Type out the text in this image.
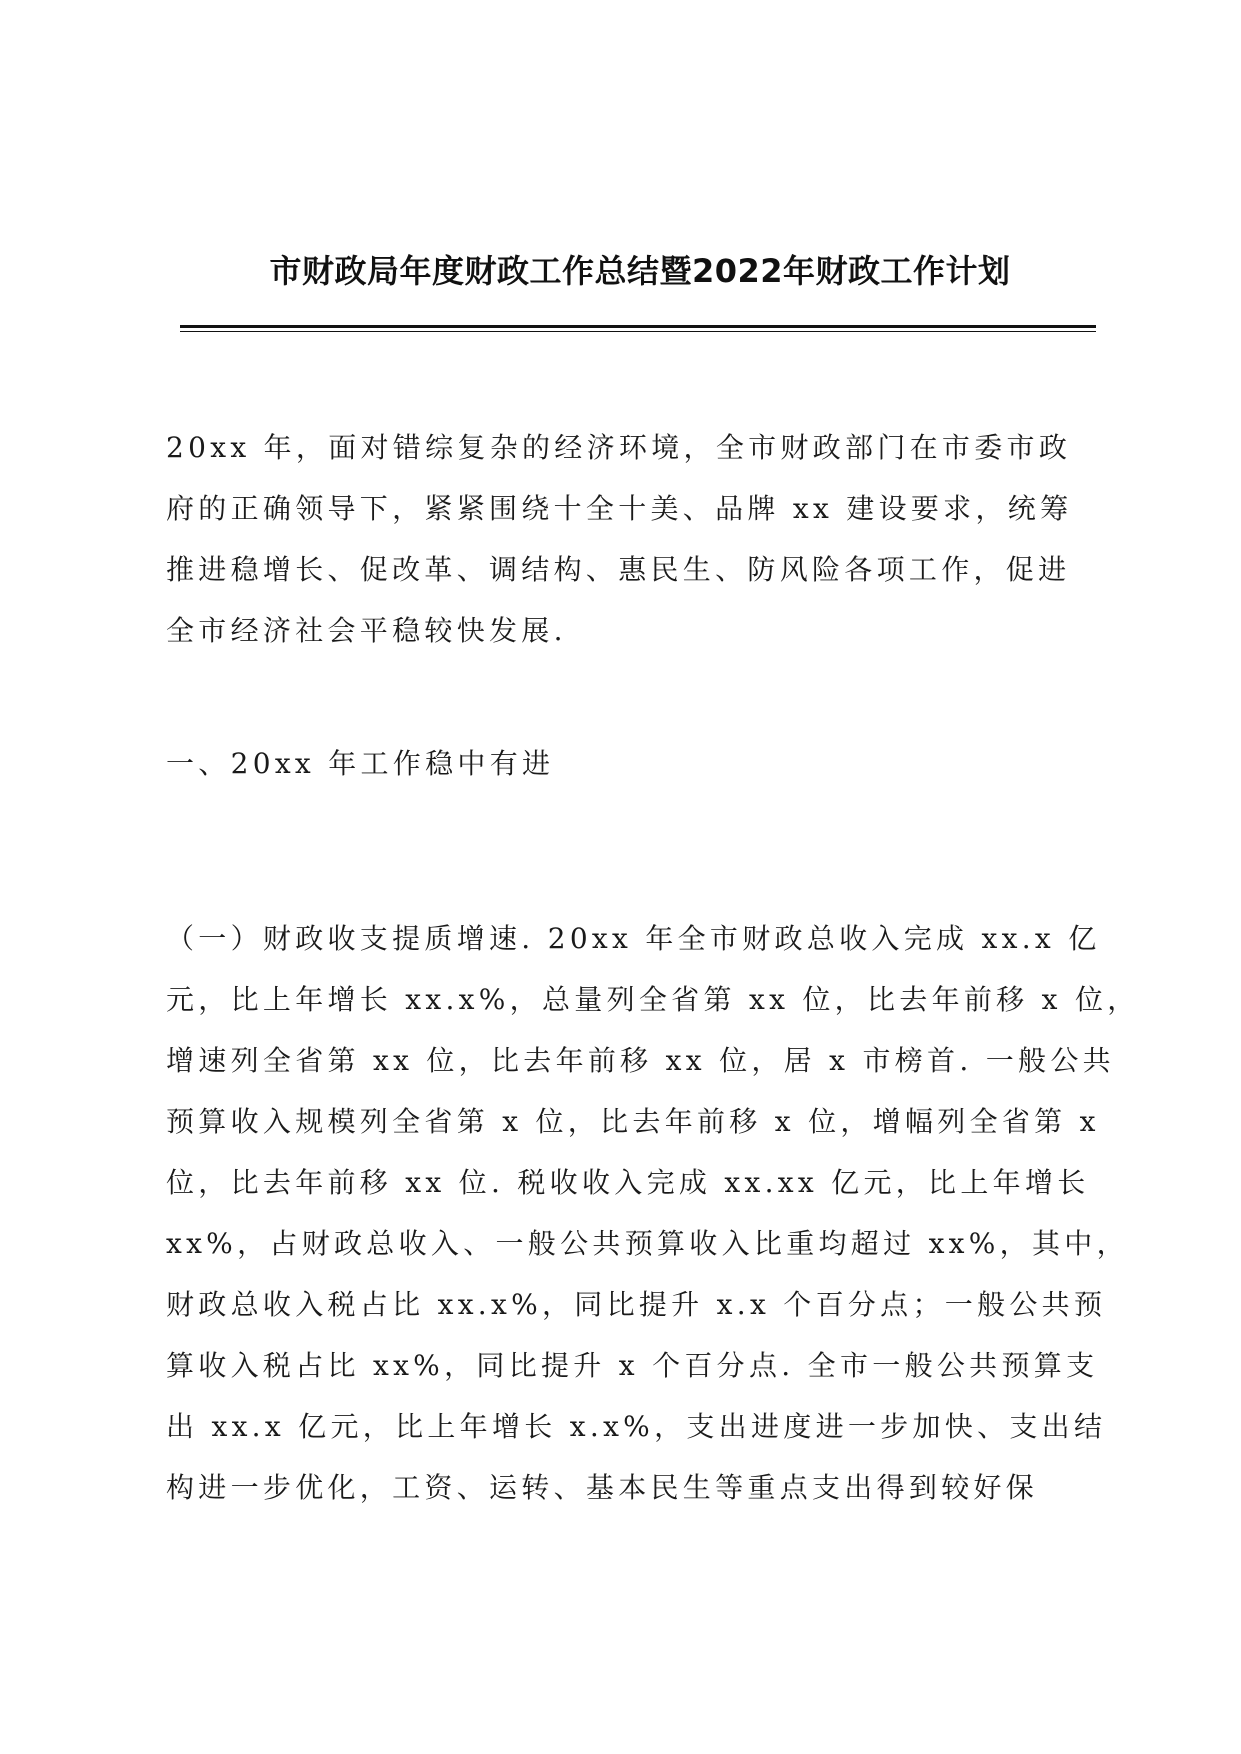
市财政局年度财政工作总结暨2022年财政工作计划
20xx 年，面对错综复杂的经济环境，全市财政部门在市委市政
府的正确领导下，紧紧围绕十全十美、品牌 xx 建设要求，统筹
推进稳增长、促改革、调结构、惠民生、防风险各项工作，促进
全市经济社会平稳较快发展.
一、20xx 年工作稳中有进
（一）财政收支提质增速. 20xx 年全市财政总收入完成 xx.x 亿
元，比上年增长 xx.x%，总量列全省第 xx 位，比去年前移 x 位，
增速列全省第 xx 位，比去年前移 xx 位，居 x 市榜首. 一般公共
预算收入规模列全省第 x 位，比去年前移 x 位，增幅列全省第 x
位，比去年前移 xx 位. 税收收入完成 xx.xx 亿元，比上年增长
xx%，占财政总收入、一般公共预算收入比重均超过 xx%，其中，
财政总收入税占比 xx.x%，同比提升 x.x 个百分点；一般公共预
算收入税占比 xx%，同比提升 x 个百分点. 全市一般公共预算支
出 xx.x 亿元，比上年增长 x.x%，支出进度进一步加快、支出结
构进一步优化，工资、运转、基本民生等重点支出得到较好保
